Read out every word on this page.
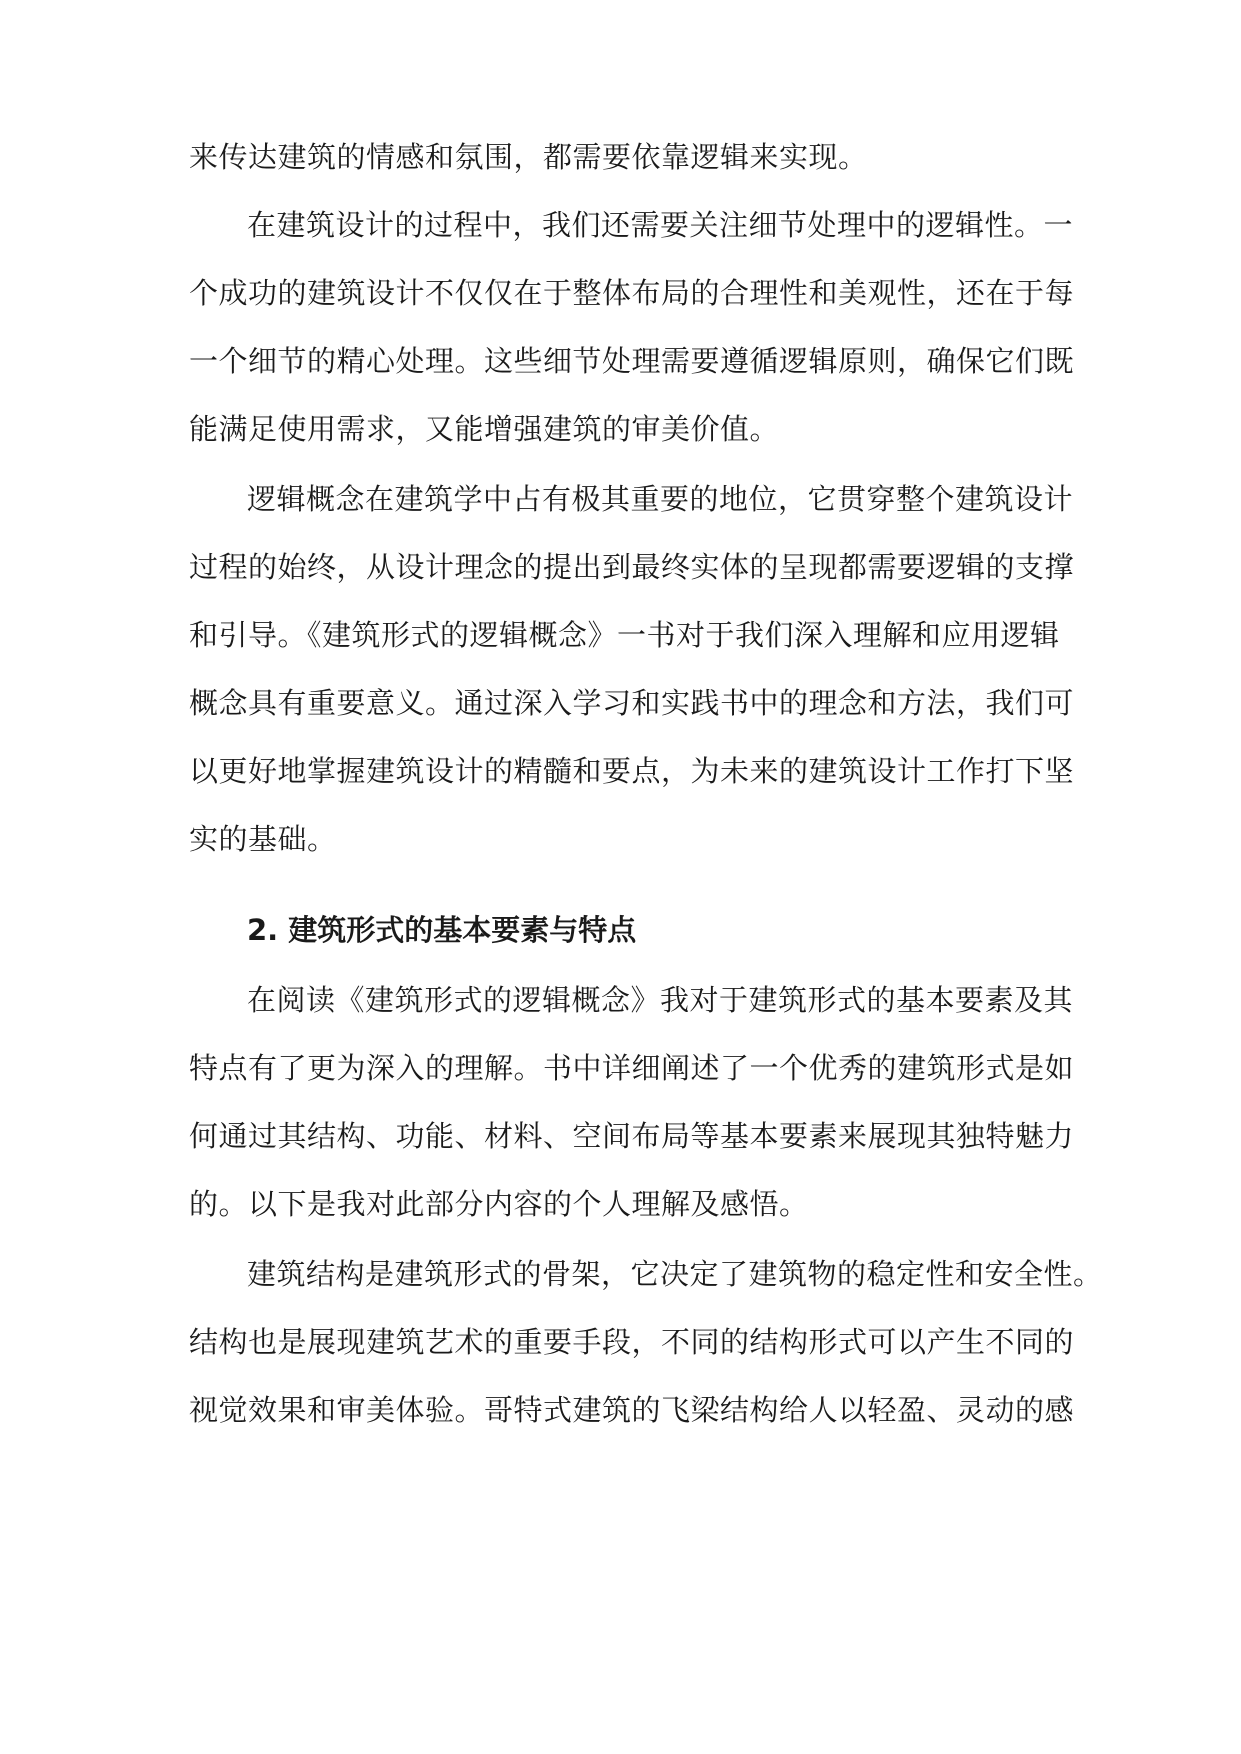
来传达建筑的情感和氛围，都需要依靠逻辑来实现。
在建筑设计的过程中，我们还需要关注细节处理中的逻辑性。一
个成功的建筑设计不仅仅在于整体布局的合理性和美观性，还在于每
一个细节的精心处理。这些细节处理需要遵循逻辑原则，确保它们既
能满足使用需求，又能增强建筑的审美价值。
逻辑概念在建筑学中占有极其重要的地位，它贯穿整个建筑设计
过程的始终，从设计理念的提出到最终实体的呈现都需要逻辑的支撑
和引导。《建筑形式的逻辑概念》一书对于我们深入理解和应用逻辑
概念具有重要意义。通过深入学习和实践书中的理念和方法，我们可
以更好地掌握建筑设计的精髓和要点，为未来的建筑设计工作打下坚
实的基础。
2. 建筑形式的基本要素与特点
在阅读《建筑形式的逻辑概念》我对于建筑形式的基本要素及其
特点有了更为深入的理解。书中详细阐述了一个优秀的建筑形式是如
何通过其结构、功能、材料、空间布局等基本要素来展现其独特魅力
的。以下是我对此部分内容的个人理解及感悟。
建筑结构是建筑形式的骨架，它决定了建筑物的稳定性和安全性。
结构也是展现建筑艺术的重要手段，不同的结构形式可以产生不同的
视觉效果和审美体验。哥特式建筑的飞梁结构给人以轻盈、灵动的感
